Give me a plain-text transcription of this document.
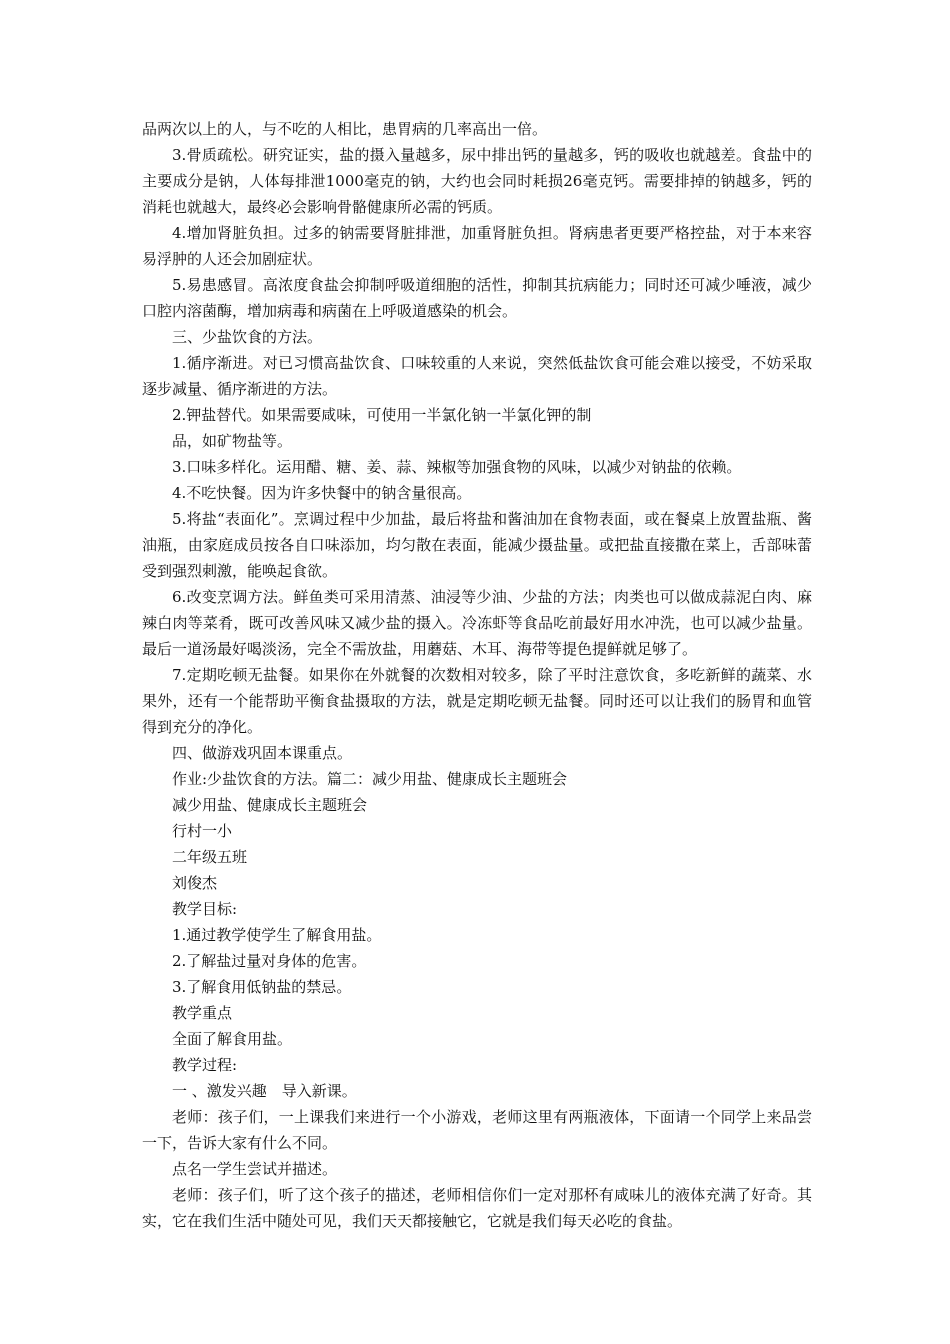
品两次以上的人，与不吃的人相比，患胃病的几率高出一倍。

3.骨质疏松。研究证实，盐的摄入量越多，尿中排出钙的量越多，钙的吸收也就越差。食盐中的主要成分是钠，人体每排泄1000毫克的钠，大约也会同时耗损26毫克钙。需要排掉的钠越多，钙的消耗也就越大，最终必会影响骨骼健康所必需的钙质。

4.增加肾脏负担。过多的钠需要肾脏排泄，加重肾脏负担。肾病患者更要严格控盐，对于本来容易浮肿的人还会加剧症状。

5.易患感冒。高浓度食盐会抑制呼吸道细胞的活性，抑制其抗病能力；同时还可减少唾液，减少口腔内溶菌酶，增加病毒和病菌在上呼吸道感染的机会。

三、少盐饮食的方法。

1.循序渐进。对已习惯高盐饮食、口味较重的人来说，突然低盐饮食可能会难以接受，不妨采取逐步减量、循序渐进的方法。

2.钾盐替代。如果需要咸味，可使用一半氯化钠一半氯化钾的制

品，如矿物盐等。

3.口味多样化。运用醋、糖、姜、蒜、辣椒等加强食物的风味，以减少对钠盐的依赖。

4.不吃快餐。因为许多快餐中的钠含量很高。

5.将盐“表面化”。烹调过程中少加盐，最后将盐和酱油加在食物表面，或在餐桌上放置盐瓶、酱油瓶，由家庭成员按各自口味添加，均匀散在表面，能减少摄盐量。或把盐直接撒在菜上，舌部味蕾受到强烈刺激，能唤起食欲。

6.改变烹调方法。鲜鱼类可采用清蒸、油浸等少油、少盐的方法；肉类也可以做成蒜泥白肉、麻辣白肉等菜肴，既可改善风味又减少盐的摄入。冷冻虾等食品吃前最好用水冲洗，也可以减少盐量。最后一道汤最好喝淡汤，完全不需放盐，用蘑菇、木耳、海带等提色提鲜就足够了。

7.定期吃顿无盐餐。如果你在外就餐的次数相对较多，除了平时注意饮食，多吃新鲜的蔬菜、水果外，还有一个能帮助平衡食盐摄取的方法，就是定期吃顿无盐餐。同时还可以让我们的肠胃和血管得到充分的净化。

四、做游戏巩固本课重点。

作业:少盐饮食的方法。篇二：减少用盐、健康成长主题班会

减少用盐、健康成长主题班会

行村一小

二年级五班

刘俊杰

教学目标:

1.通过教学使学生了解食用盐。

2.了解盐过量对身体的危害。

3.了解食用低钠盐的禁忌。

教学重点

全面了解食用盐。

教学过程:

一 、激发兴趣　导入新课。

老师：孩子们，一上课我们来进行一个小游戏，老师这里有两瓶液体，下面请一个同学上来品尝一下，告诉大家有什么不同。

点名一学生尝试并描述。

老师：孩子们，听了这个孩子的描述，老师相信你们一定对那杯有咸味儿的液体充满了好奇。其实，它在我们生活中随处可见，我们天天都接触它，它就是我们每天必吃的食盐。
